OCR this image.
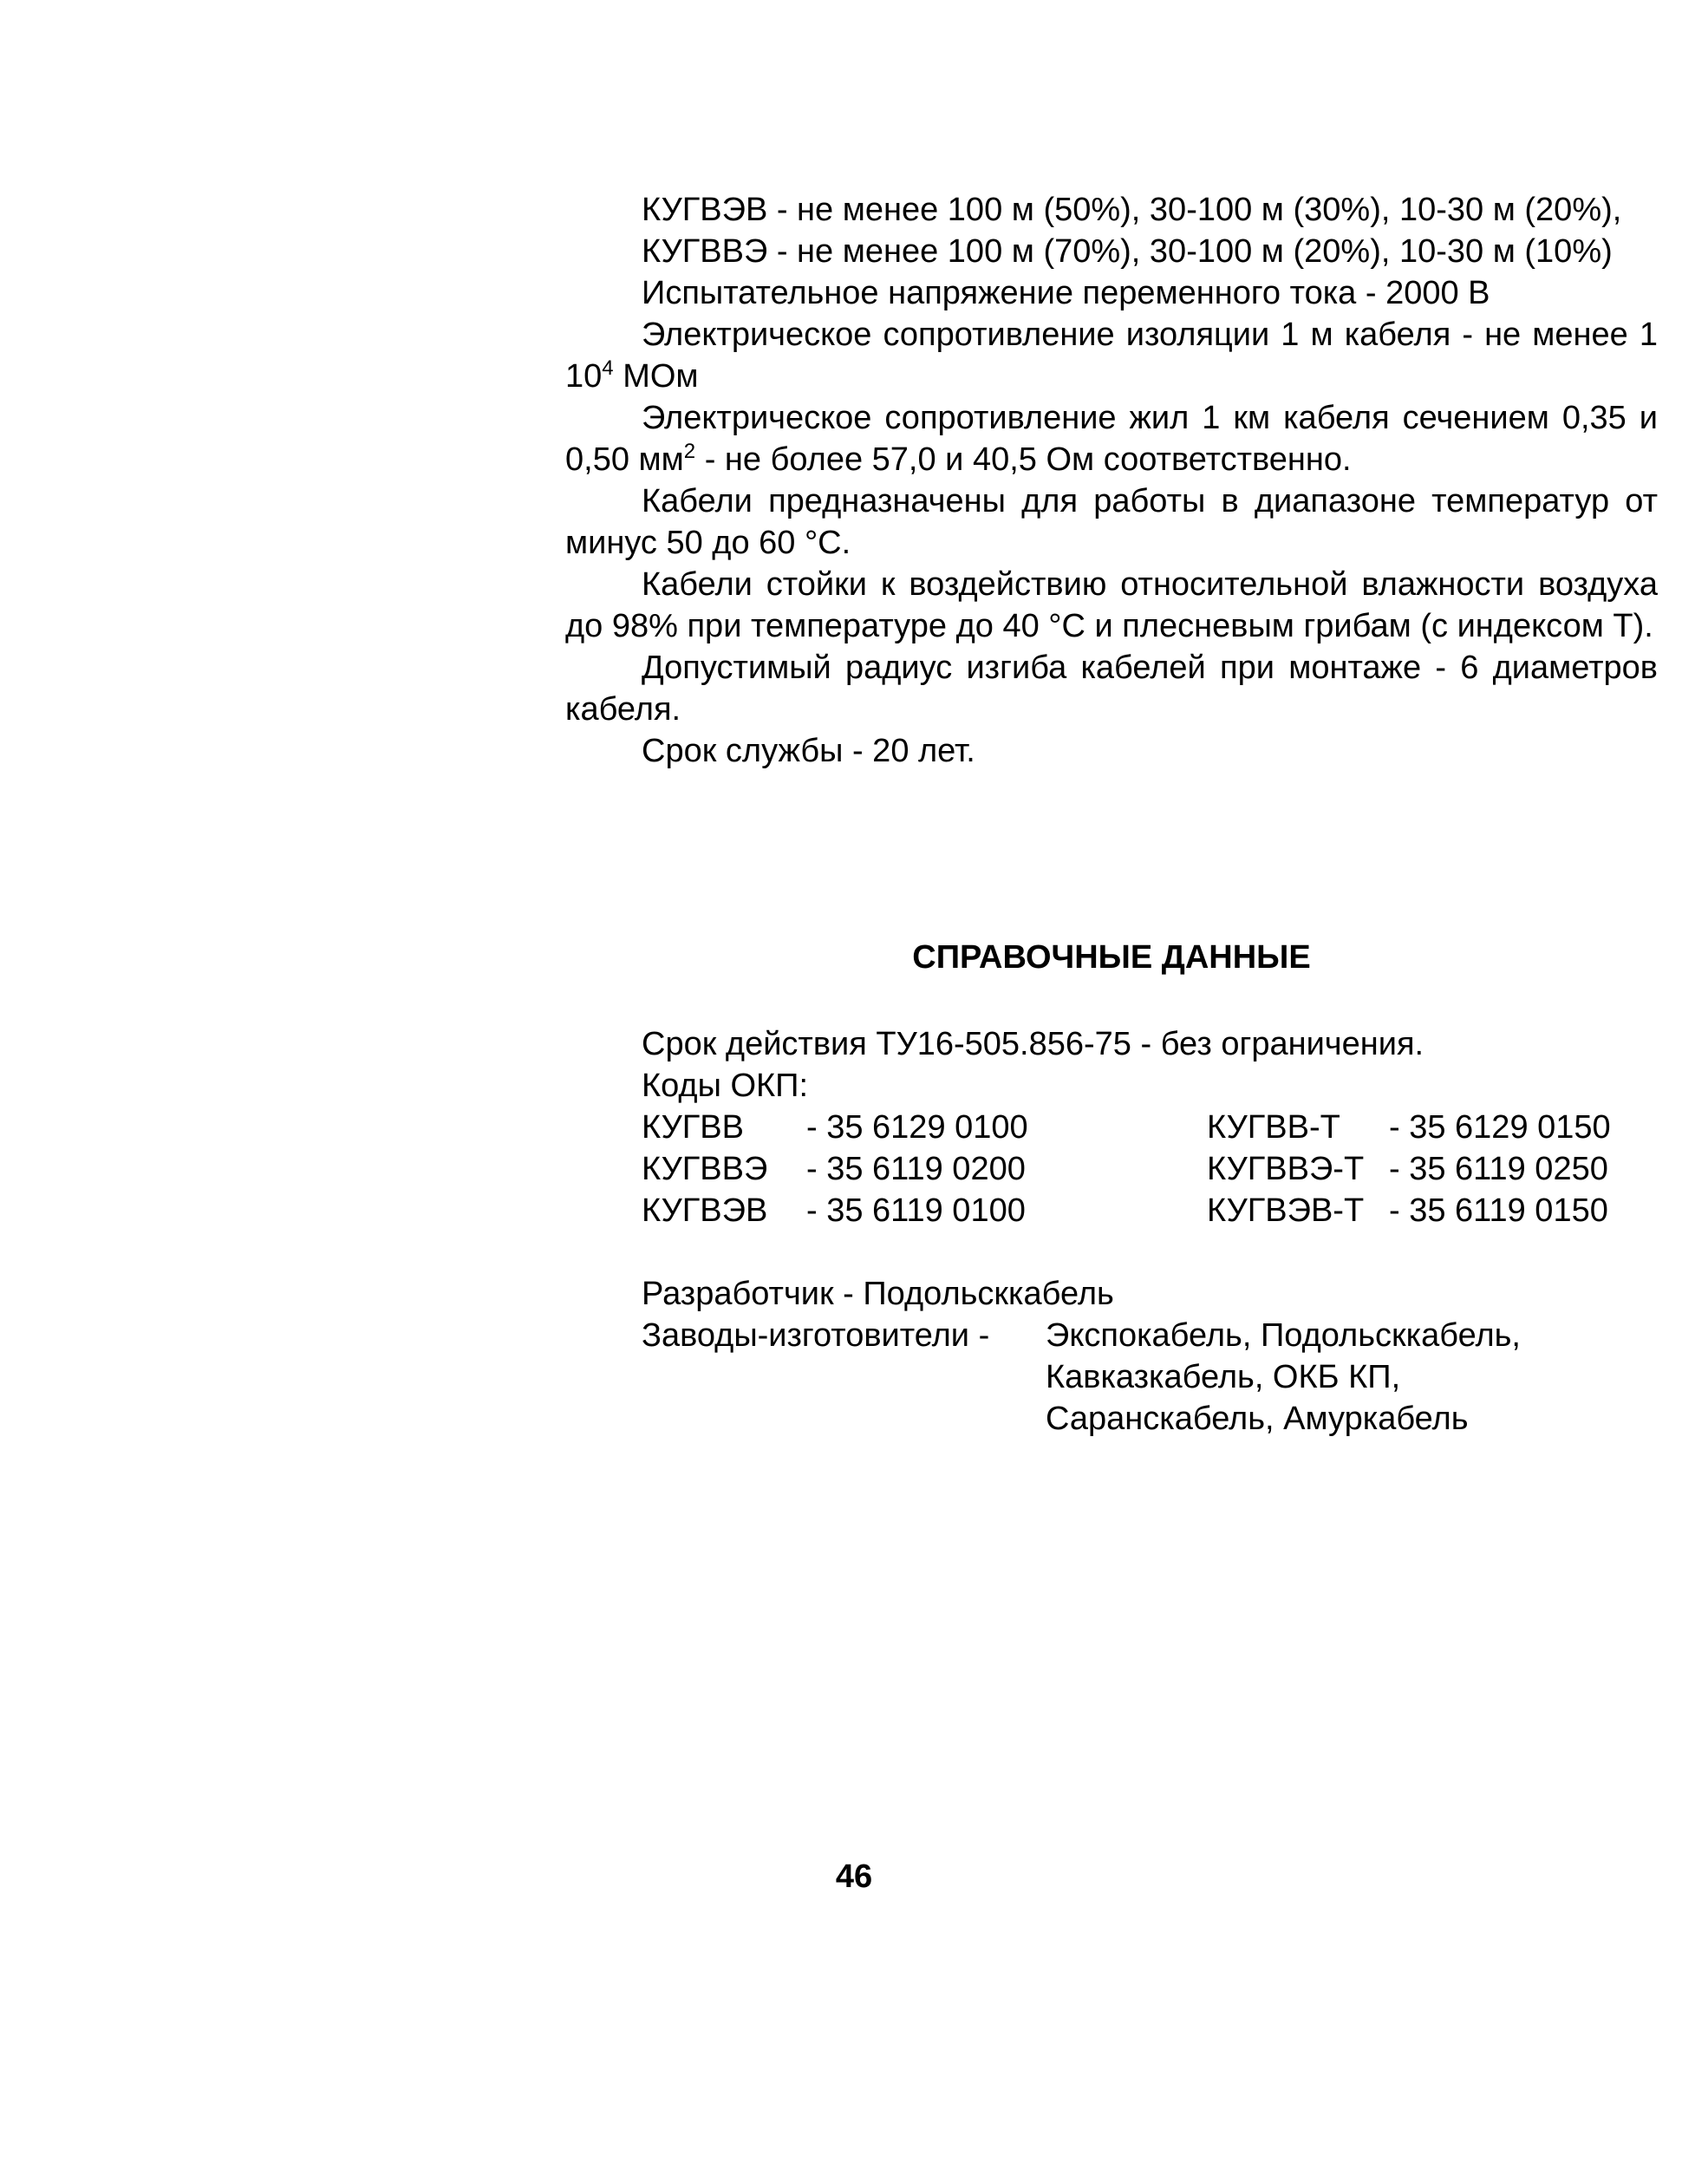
КУГВЭВ - не менее 100 м (50%), 30-100 м (30%), 10-30 м (20%),

КУГВВЭ - не менее 100 м (70%), 30-100 м (20%), 10-30 м (10%)

Испытательное напряжение переменного тока - 2000 В

Электрическое сопротивление изоляции 1 м кабеля - не менее 1 $10^4$ МОм

Электрическое сопротивление жил 1 км кабеля сечением 0,35 и 0,50 $мм^2$ - не более 57,0 и 40,5 Ом соответственно.

Кабели предназначены для работы в диапазоне температур от минус 50 до 60 °С.

Кабели стойки к воздействию относительной влажности воздуха до 98% при температуре до 40 °С и плесневым грибам (с индексом Т).

Допустимый радиус изгиба кабелей при монтаже - 6 диаметров кабеля.

Срок службы - 20 лет.

СПРАВОЧНЫЕ ДАННЫЕ

Срок действия ТУ16-505.856-75 - без ограничения.

Коды ОКП:

КУГВВ	- 35 6129 0100	КУГВВ-Т	- 35 6129 0150
КУГВВЭ	- 35 6119 0200	КУГВВЭ-Т	- 35 6119 0250
КУГВЭВ	- 35 6119 0100	КУГВЭВ-Т	- 35 6119 0150

Разработчик - Подольсккабель

Заводы-изготовители -	Экспокабель, Подольсккабель,
Кавказкабель, ОКБ КП,
Саранскабель, Амуркабель

46
